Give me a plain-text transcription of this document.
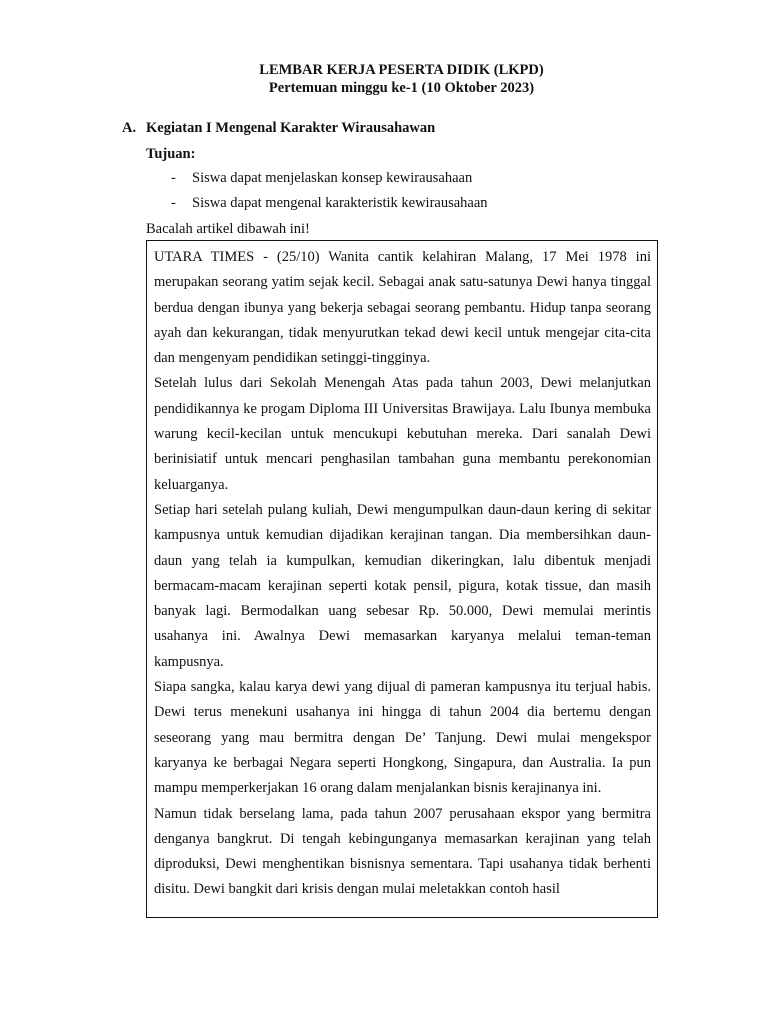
LEMBAR KERJA PESERTA DIDIK (LKPD)
Pertemuan minggu ke-1 (10 Oktober 2023)
A. Kegiatan I Mengenal Karakter Wirausahawan
Tujuan:
-	Siswa dapat menjelaskan konsep kewirausahaan
-	Siswa dapat mengenal karakteristik kewirausahaan

Bacalah artikel dibawah ini!

UTARA TIMES - (25/10) Wanita cantik kelahiran Malang, 17 Mei 1978 ini merupakan seorang yatim sejak kecil. Sebagai anak satu-satunya Dewi hanya tinggal berdua dengan ibunya yang bekerja sebagai seorang pembantu. Hidup tanpa seorang ayah dan kekurangan, tidak menyurutkan tekad dewi kecil untuk mengejar cita-cita dan mengenyam pendidikan setinggi-tingginya.

Setelah lulus dari Sekolah Menengah Atas pada tahun 2003, Dewi melanjutkan pendidikannya ke progam Diploma III Universitas Brawijaya. Lalu Ibunya membuka warung kecil-kecilan untuk mencukupi kebutuhan mereka. Dari sanalah Dewi berinisiatif untuk mencari penghasilan tambahan guna membantu perekonomian keluarganya.

Setiap hari setelah pulang kuliah, Dewi mengumpulkan daun-daun kering di sekitar kampusnya untuk kemudian dijadikan kerajinan tangan. Dia membersihkan daun-daun yang telah ia kumpulkan, kemudian dikeringkan, lalu dibentuk menjadi bermacam-macam kerajinan seperti kotak pensil, pigura, kotak tissue, dan masih banyak lagi. Bermodalkan uang sebesar Rp. 50.000, Dewi memulai merintis usahanya ini. Awalnya Dewi memasarkan karyanya melalui teman-teman kampusnya.

Siapa sangka, kalau karya dewi yang dijual di pameran kampusnya itu terjual habis. Dewi terus menekuni usahanya ini hingga di tahun 2004 dia bertemu dengan seseorang yang mau bermitra dengan De’ Tanjung. Dewi mulai mengekspor karyanya ke berbagai Negara seperti Hongkong, Singapura, dan Australia. Ia pun mampu memperkerjakan 16 orang dalam menjalankan bisnis kerajinanya ini.

Namun tidak berselang lama, pada tahun 2007 perusahaan ekspor yang bermitra denganya bangkrut. Di tengah kebingunganya memasarkan kerajinan yang telah diproduksi, Dewi menghentikan bisnisnya sementara. Tapi usahanya tidak berhenti disitu. Dewi bangkit dari krisis dengan mulai meletakkan contoh hasil
